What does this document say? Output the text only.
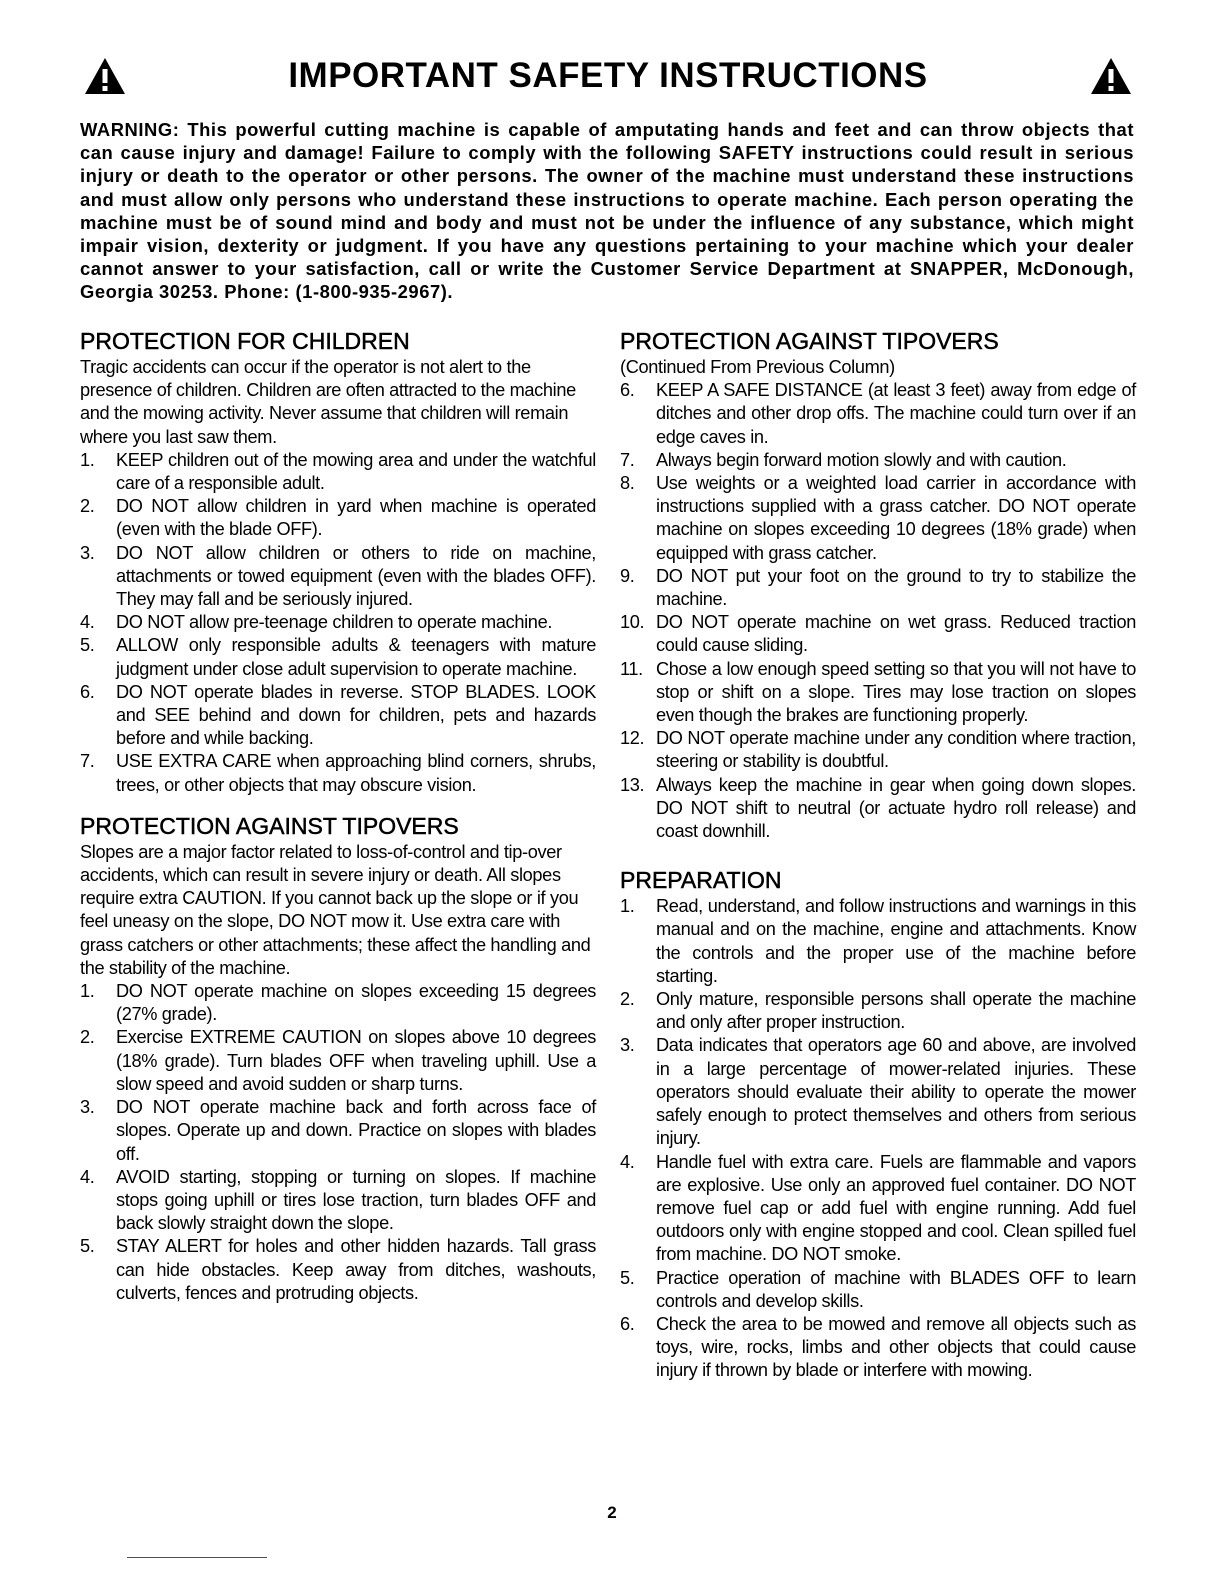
IMPORTANT SAFETY INSTRUCTIONS

WARNING: This powerful cutting machine is capable of amputating hands and feet and can throw objects that can cause injury and damage! Failure to comply with the following SAFETY instructions could result in serious injury or death to the operator or other persons. The owner of the machine must understand these instructions and must allow only persons who understand these instructions to operate machine. Each person operating the machine must be of sound mind and body and must not be under the influence of any substance, which might impair vision, dexterity or judgment. If you have any questions pertaining to your machine which your dealer cannot answer to your satisfaction, call or write the Customer Service Department at SNAPPER, McDonough, Georgia 30253. Phone: (1-800-935-2967).

PROTECTION FOR CHILDREN

Tragic accidents can occur if the operator is not alert to the presence of children. Children are often attracted to the machine and the mowing activity. Never assume that children will remain where you last saw them.

1. KEEP children out of the mowing area and under the watchful care of a responsible adult.
2. DO NOT allow children in yard when machine is operated (even with the blade OFF).
3. DO NOT allow children or others to ride on machine, attachments or towed equipment (even with the blades OFF). They may fall and be seriously injured.
4. DO NOT allow pre-teenage children to operate machine.
5. ALLOW only responsible adults & teenagers with mature judgment under close adult supervision to operate machine.
6. DO NOT operate blades in reverse. STOP BLADES. LOOK and SEE behind and down for children, pets and hazards before and while backing.
7. USE EXTRA CARE when approaching blind corners, shrubs, trees, or other objects that may obscure vision.
PROTECTION AGAINST TIPOVERS

Slopes are a major factor related to loss-of-control and tip-over accidents, which can result in severe injury or death. All slopes require extra CAUTION. If you cannot back up the slope or if you feel uneasy on the slope, DO NOT mow it. Use extra care with grass catchers or other attachments; these affect the handling and the stability of the machine.

1. DO NOT operate machine on slopes exceeding 15 degrees (27% grade).
2. Exercise EXTREME CAUTION on slopes above 10 degrees (18% grade). Turn blades OFF when traveling uphill. Use a slow speed and avoid sudden or sharp turns.
3. DO NOT operate machine back and forth across face of slopes. Operate up and down. Practice on slopes with blades off.
4. AVOID starting, stopping or turning on slopes. If machine stops going uphill or tires lose traction, turn blades OFF and back slowly straight down the slope.
5. STAY ALERT for holes and other hidden hazards. Tall grass can hide obstacles. Keep away from ditches, washouts, culverts, fences and protruding objects.
PROTECTION AGAINST TIPOVERS

(Continued From Previous Column)

6. KEEP A SAFE DISTANCE (at least 3 feet) away from edge of ditches and other drop offs. The machine could turn over if an edge caves in.
7. Always begin forward motion slowly and with caution.
8. Use weights or a weighted load carrier in accordance with instructions supplied with a grass catcher. DO NOT operate machine on slopes exceeding 10 degrees (18% grade) when equipped with grass catcher.
9. DO NOT put your foot on the ground to try to stabilize the machine.
10. DO NOT operate machine on wet grass. Reduced traction could cause sliding.
11. Chose a low enough speed setting so that you will not have to stop or shift on a slope. Tires may lose traction on slopes even though the brakes are functioning properly.
12. DO NOT operate machine under any condition where traction, steering or stability is doubtful.
13. Always keep the machine in gear when going down slopes. DO NOT shift to neutral (or actuate hydro roll release) and coast downhill.
PREPARATION
1. Read, understand, and follow instructions and warnings in this manual and on the machine, engine and attachments. Know the controls and the proper use of the machine before starting.
2. Only mature, responsible persons shall operate the machine and only after proper instruction.
3. Data indicates that operators age 60 and above, are involved in a large percentage of mower-related injuries. These operators should evaluate their ability to operate the mower safely enough to protect themselves and others from serious injury.
4. Handle fuel with extra care. Fuels are flammable and vapors are explosive. Use only an approved fuel container. DO NOT remove fuel cap or add fuel with engine running. Add fuel outdoors only with engine stopped and cool. Clean spilled fuel from machine. DO NOT smoke.
5. Practice operation of machine with BLADES OFF to learn controls and develop skills.
6. Check the area to be mowed and remove all objects such as toys, wire, rocks, limbs and other objects that could cause injury if thrown by blade or interfere with mowing.
2
